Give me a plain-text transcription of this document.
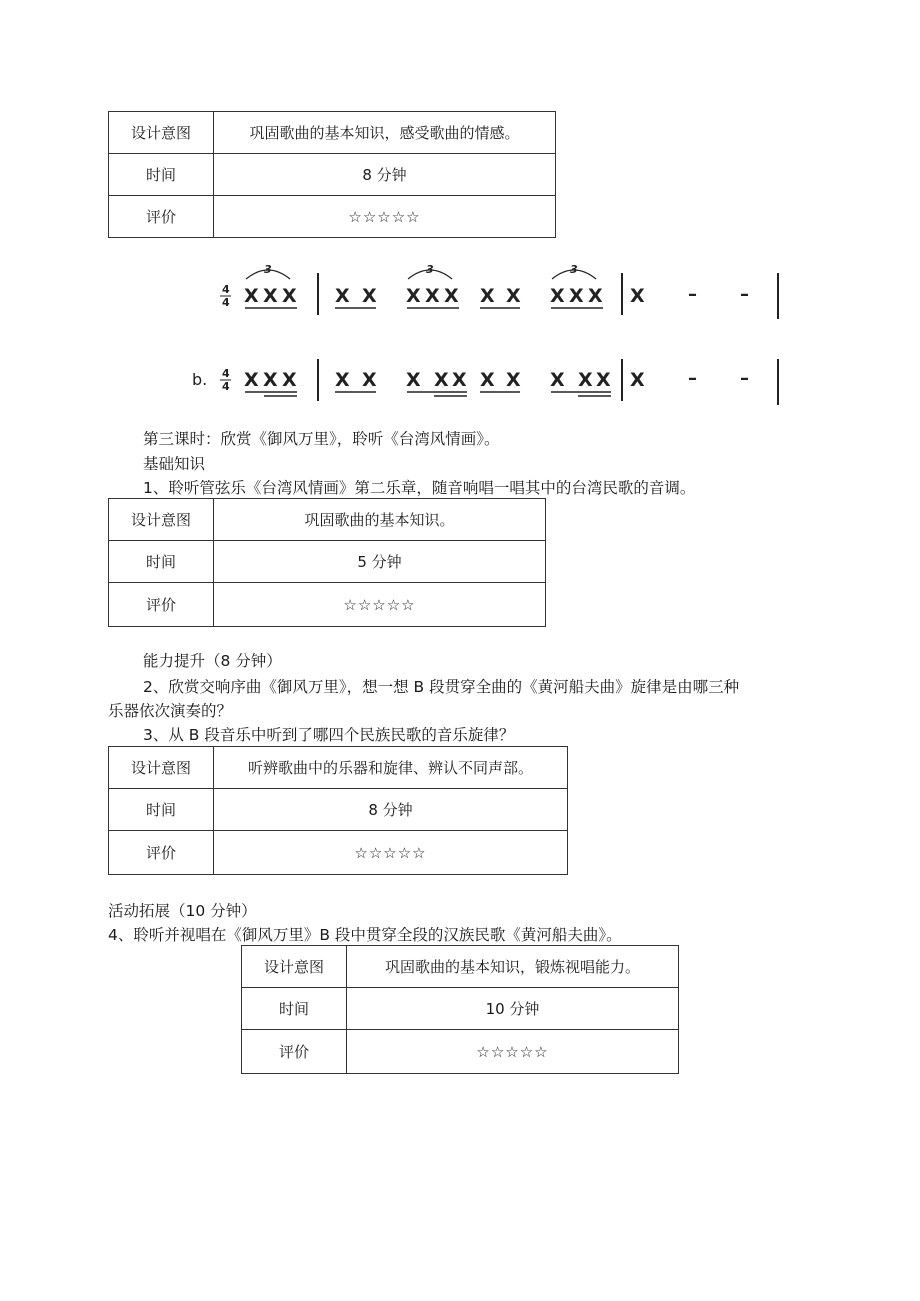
设计意图	巩固歌曲的基本知识，感受歌曲的情感。
时间	8 分钟
评价	☆☆☆☆☆
4
4
3
X X X X X
3
X X X X X
3
X X X X – –
b. 4
4 X X X X X X X X X X X X X X – –
第三课时：欣赏《御风万里》，聆听《台湾风情画》。
基础知识
1、聆听管弦乐《台湾风情画》第二乐章，随音响唱一唱其中的台湾民歌的音调。
设计意图	巩固歌曲的基本知识。
时间	5 分钟
评价	☆☆☆☆☆
能力提升（8 分钟）
2、欣赏交响序曲《御风万里》，想一想 B 段贯穿全曲的《黄河船夫曲》旋律是由哪三种
乐器依次演奏的？
3、从 B 段音乐中听到了哪四个民族民歌的音乐旋律？
设计意图	听辨歌曲中的乐器和旋律、辨认不同声部。
时间	8 分钟
评价	☆☆☆☆☆
活动拓展（10 分钟）
4、聆听并视唱在《御风万里》B 段中贯穿全段的汉族民歌《黄河船夫曲》。
设计意图	巩固歌曲的基本知识，锻炼视唱能力。
时间	10 分钟
评价	☆☆☆☆☆
